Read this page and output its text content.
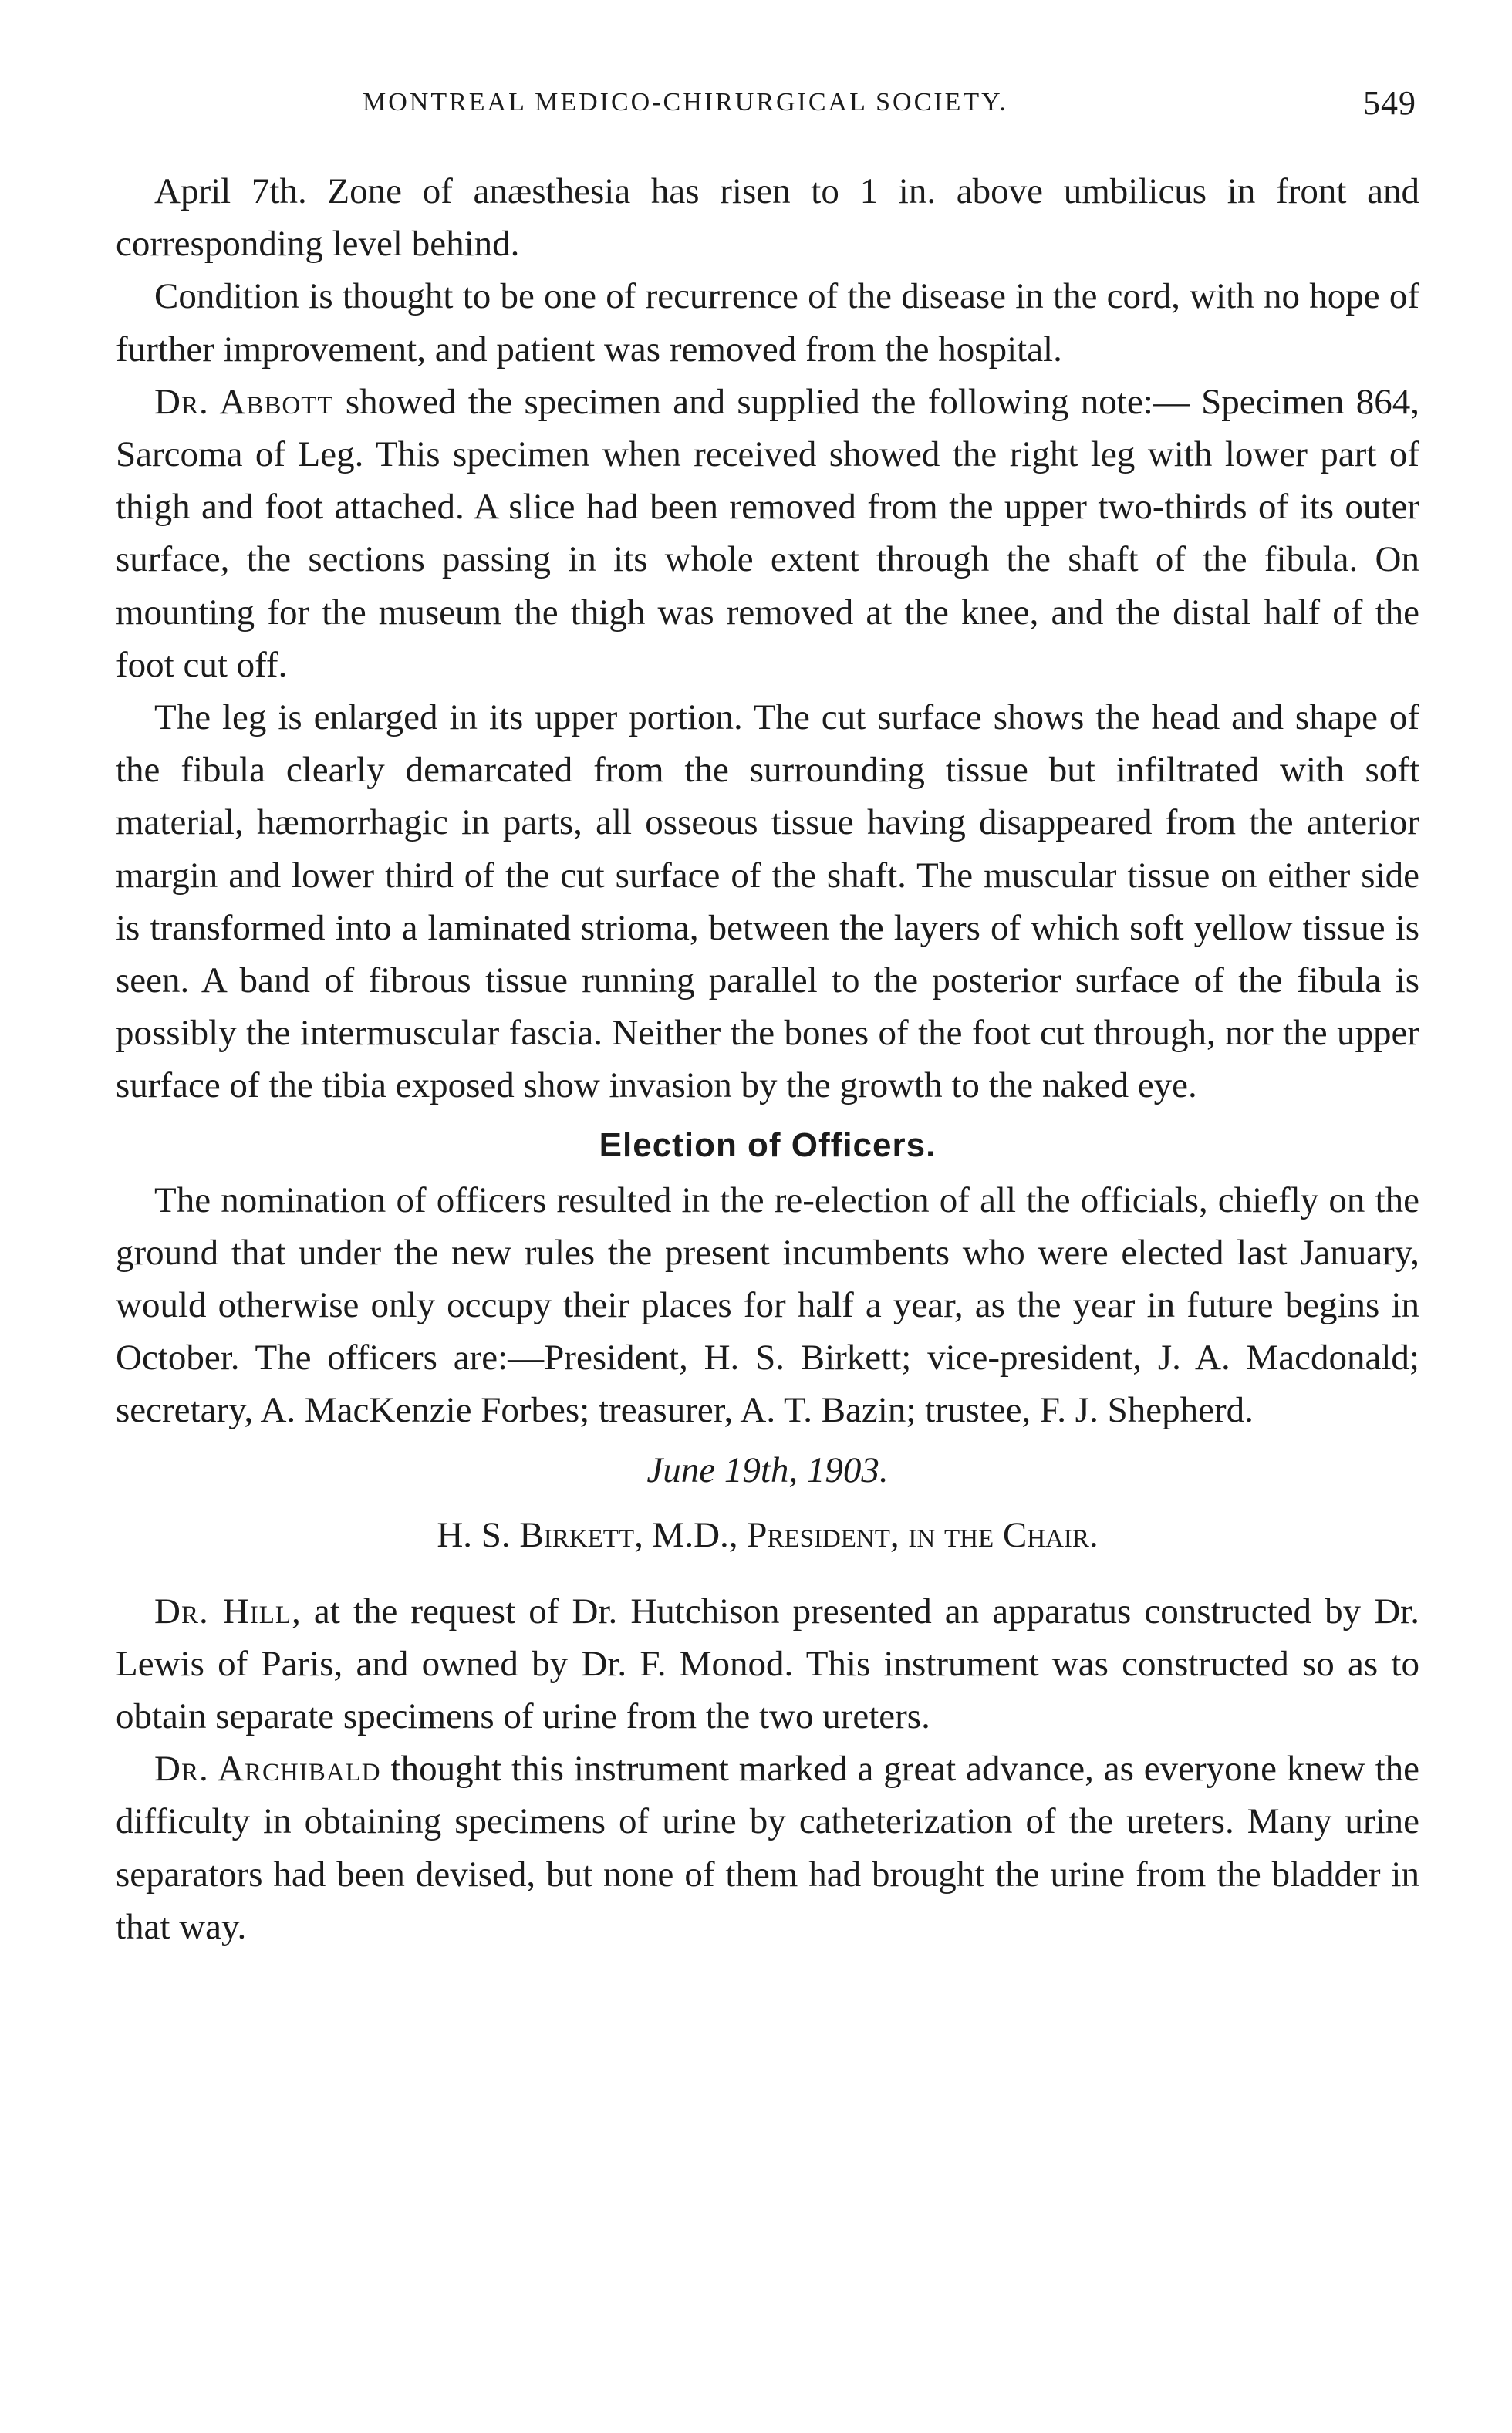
MONTREAL MEDICO-CHIRURGICAL SOCIETY.	549

April 7th. Zone of anæsthesia has risen to 1 in. above umbilicus in front and corresponding level behind.

Condition is thought to be one of recurrence of the disease in the cord, with no hope of further improvement, and patient was removed from the hospital.

Dr. Abbott showed the specimen and supplied the following note:— Specimen 864, Sarcoma of Leg. This specimen when received showed the right leg with lower part of thigh and foot attached. A slice had been removed from the upper two-thirds of its outer surface, the sections passing in its whole extent through the shaft of the fibula. On mounting for the museum the thigh was removed at the knee, and the distal half of the foot cut off.

The leg is enlarged in its upper portion. The cut surface shows the head and shape of the fibula clearly demarcated from the surrounding tissue but infiltrated with soft material, hæmorrhagic in parts, all osseous tissue having disappeared from the anterior margin and lower third of the cut surface of the shaft. The muscular tissue on either side is transformed into a laminated strioma, between the layers of which soft yellow tissue is seen. A band of fibrous tissue running parallel to the posterior surface of the fibula is possibly the intermuscular fascia. Neither the bones of the foot cut through, nor the upper surface of the tibia exposed show invasion by the growth to the naked eye.

Election of Officers.

The nomination of officers resulted in the re-election of all the officials, chiefly on the ground that under the new rules the present incumbents who were elected last January, would otherwise only occupy their places for half a year, as the year in future begins in October. The officers are:—President, H. S. Birkett; vice-president, J. A. Macdonald; secretary, A. MacKenzie Forbes; treasurer, A. T. Bazin; trustee, F. J. Shepherd.

June 19th, 1903.
H. S. Birkett, M.D., President, in the Chair.

Dr. Hill, at the request of Dr. Hutchison presented an apparatus constructed by Dr. Lewis of Paris, and owned by Dr. F. Monod. This instrument was constructed so as to obtain separate specimens of urine from the two ureters.

Dr. Archibald thought this instrument marked a great advance, as everyone knew the difficulty in obtaining specimens of urine by catheterization of the ureters. Many urine separators had been devised, but none of them had brought the urine from the bladder in that way.
